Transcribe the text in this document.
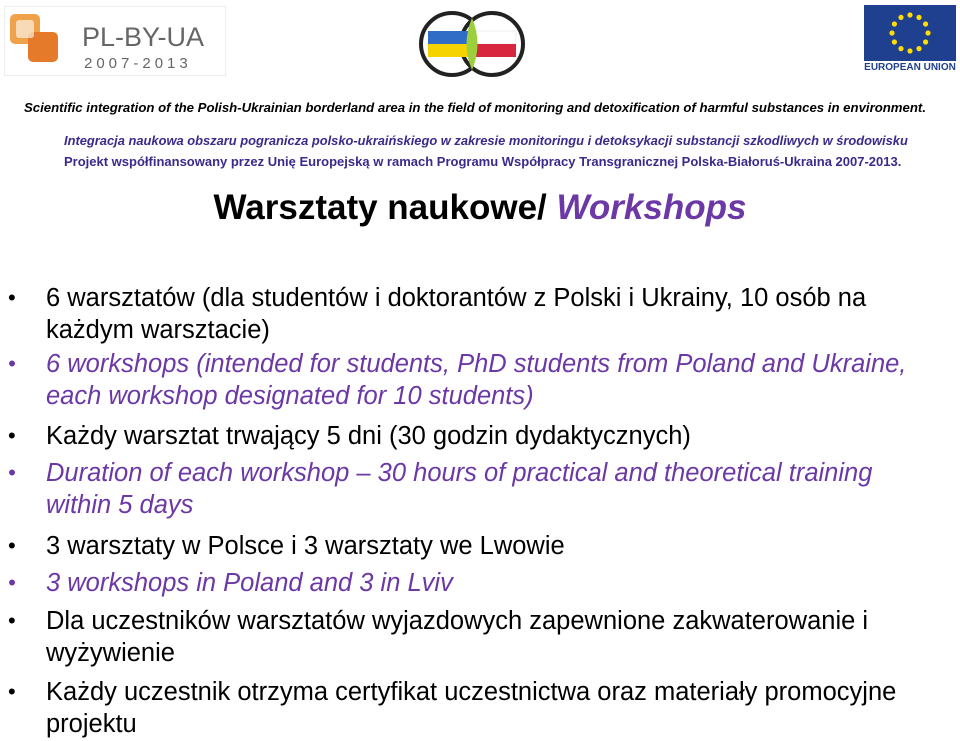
PL-BY-UA
2007-2013	EUROPEAN UNION
Scientific integration of the Polish-Ukrainian borderland area in the field of monitoring and detoxification of harmful substances in environment.
Integracja naukowa obszaru pogranicza polsko-ukraińskiego w zakresie monitoringu i detoksykacji substancji szkodliwych w środowisku
Projekt współfinansowany przez Unię Europejską w ramach Programu Współpracy Transgranicznej Polska-Białoruś-Ukraina 2007-2013.
Warsztaty naukowe/ Workshops
• 6 warsztatów (dla studentów i doktorantów z Polski i Ukrainy, 10 osób na każdym warsztacie)
• 6 workshops (intended for students, PhD students from Poland and Ukraine, each workshop designated for 10 students)
• Każdy warsztat trwający 5 dni (30 godzin dydaktycznych)
• Duration of each workshop – 30 hours of practical and theoretical training within 5 days
• 3 warsztaty w Polsce i 3 warsztaty we Lwowie
• 3 workshops in Poland and 3 in Lviv
• Dla uczestników warsztatów wyjazdowych zapewnione zakwaterowanie i wyżywienie
• Każdy uczestnik otrzyma certyfikat uczestnictwa oraz materiały promocyjne projektu
